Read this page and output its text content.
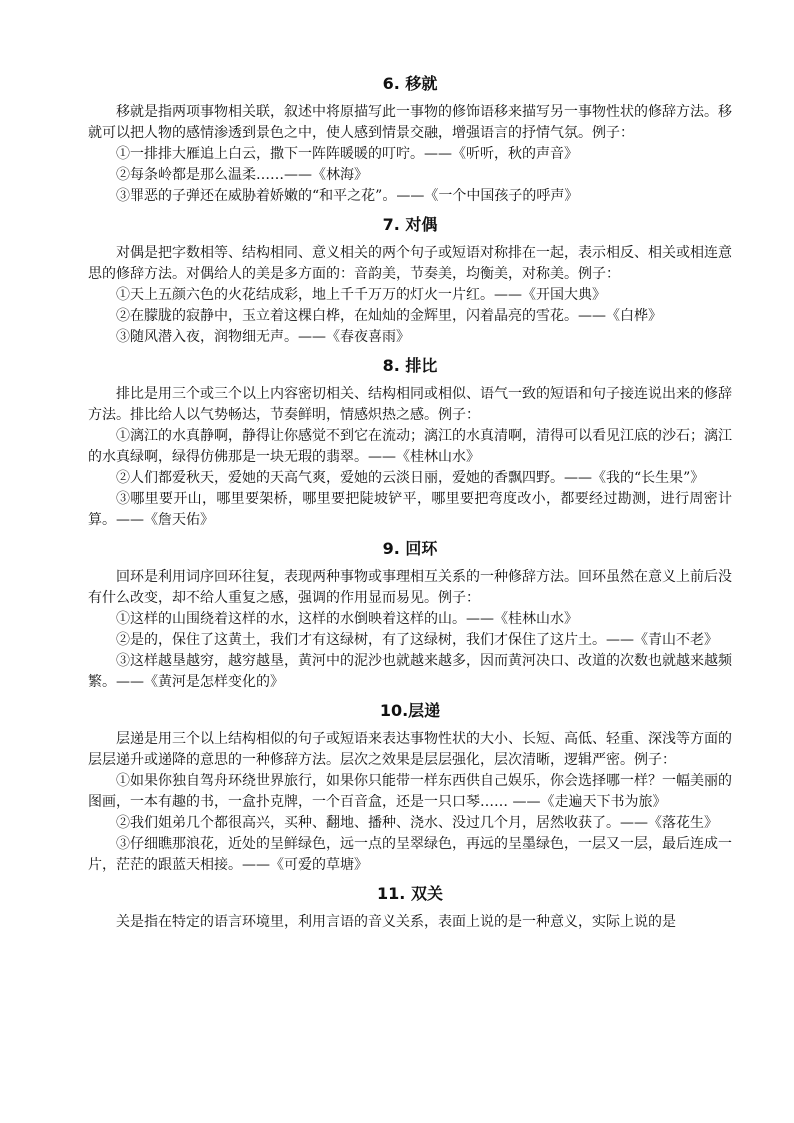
6. 移就

移就是指两项事物相关联，叙述中将原描写此一事物的修饰语移来描写另一事物性状的修辞方法。移就可以把人物的感情渗透到景色之中，使人感到情景交融，增强语言的抒情气氛。例子：

①一排排大雁追上白云，撒下一阵阵暖暖的叮咛。——《听听，秋的声音》

②每条岭都是那么温柔……——《林海》

③罪恶的子弹还在威胁着娇嫩的“和平之花”。——《一个中国孩子的呼声》

7. 对偶

对偶是把字数相等、结构相同、意义相关的两个句子或短语对称排在一起，表示相反、相关或相连意思的修辞方法。对偶给人的美是多方面的：音韵美，节奏美，均衡美，对称美。例子：

①天上五颜六色的火花结成彩，地上千千万万的灯火一片红。——《开国大典》

②在朦胧的寂静中，玉立着这棵白桦，在灿灿的金辉里，闪着晶亮的雪花。——《白桦》

③随风潜入夜，润物细无声。——《春夜喜雨》

8. 排比

排比是用三个或三个以上内容密切相关、结构相同或相似、语气一致的短语和句子接连说出来的修辞方法。排比给人以气势畅达，节奏鲜明，情感炽热之感。例子：

①漓江的水真静啊，静得让你感觉不到它在流动；漓江的水真清啊，清得可以看见江底的沙石；漓江的水真绿啊，绿得仿佛那是一块无瑕的翡翠。——《桂林山水》

②人们都爱秋天，爱她的天高气爽，爱她的云淡日丽，爱她的香飘四野。——《我的“长生果”》

③哪里要开山，哪里要架桥，哪里要把陡坡铲平，哪里要把弯度改小，都要经过勘测，进行周密计算。——《詹天佑》

9. 回环

回环是利用词序回环往复，表现两种事物或事理相互关系的一种修辞方法。回环虽然在意义上前后没有什么改变，却不给人重复之感，强调的作用显而易见。例子：

①这样的山围绕着这样的水，这样的水倒映着这样的山。——《桂林山水》

②是的，保住了这黄土，我们才有这绿树，有了这绿树，我们才保住了这片土。——《青山不老》

③这样越垦越穷，越穷越垦，黄河中的泥沙也就越来越多，因而黄河决口、改道的次数也就越来越频繁。——《黄河是怎样变化的》

10.层递

层递是用三个以上结构相似的句子或短语来表达事物性状的大小、长短、高低、轻重、深浅等方面的层层递升或递降的意思的一种修辞方法。层次之效果是层层强化，层次清晰，逻辑严密。例子：

①如果你独自驾舟环绕世界旅行，如果你只能带一样东西供自己娱乐，你会选择哪一样？一幅美丽的图画，一本有趣的书，一盒扑克牌，一个百音盒，还是一只口琴…… ——《走遍天下书为旅》

②我们姐弟几个都很高兴，买种、翻地、播种、浇水、没过几个月，居然收获了。——《落花生》

③仔细瞧那浪花，近处的呈鲜绿色，远一点的呈翠绿色，再远的呈墨绿色，一层又一层，最后连成一片，茫茫的跟蓝天相接。——《可爱的草塘》

11. 双关

关是指在特定的语言环境里，利用言语的音义关系，表面上说的是一种意义，实际上说的是
